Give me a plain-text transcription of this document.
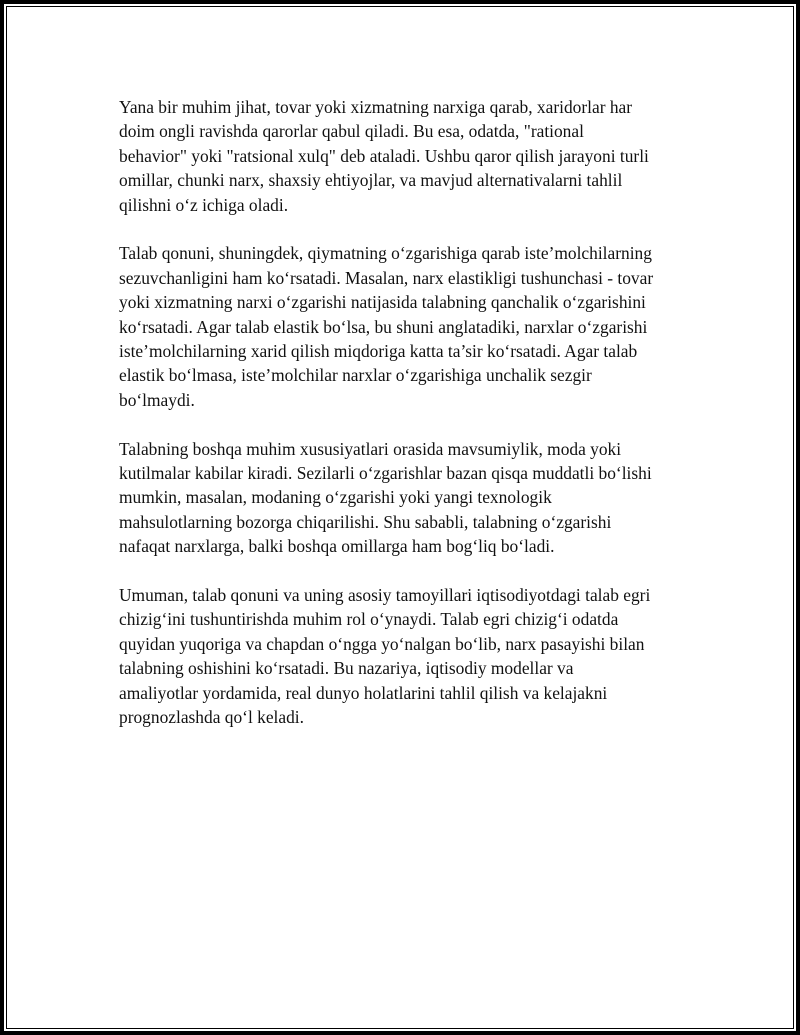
Yana bir muhim jihat, tovar yoki xizmatning narxiga qarab, xaridorlar har
doim ongli ravishda qarorlar qabul qiladi. Bu esa, odatda, "rational
behavior" yoki "ratsional xulq" deb ataladi. Ushbu qaror qilish jarayoni turli
omillar, chunki narx, shaxsiy ehtiyojlar, va mavjud alternativalarni tahlil
qilishni o‘z ichiga oladi.

Talab qonuni, shuningdek, qiymatning o‘zgarishiga qarab iste’molchilarning
sezuvchanligini ham ko‘rsatadi. Masalan, narx elastikligi tushunchasi - tovar
yoki xizmatning narxi o‘zgarishi natijasida talabning qanchalik o‘zgarishini
ko‘rsatadi. Agar talab elastik bo‘lsa, bu shuni anglatadiki, narxlar o‘zgarishi
iste’molchilarning xarid qilish miqdoriga katta ta’sir ko‘rsatadi. Agar talab
elastik bo‘lmasa, iste’molchilar narxlar o‘zgarishiga unchalik sezgir
bo‘lmaydi.

Talabning boshqa muhim xususiyatlari orasida mavsumiylik, moda yoki
kutilmalar kabilar kiradi. Sezilarli o‘zgarishlar bazan qisqa muddatli bo‘lishi
mumkin, masalan, modaning o‘zgarishi yoki yangi texnologik
mahsulotlarning bozorga chiqarilishi. Shu sababli, talabning o‘zgarishi
nafaqat narxlarga, balki boshqa omillarga ham bog‘liq bo‘ladi.

Umuman, talab qonuni va uning asosiy tamoyillari iqtisodiyotdagi talab egri
chizig‘ini tushuntirishda muhim rol o‘ynaydi. Talab egri chizig‘i odatda
quyidan yuqoriga va chapdan o‘ngga yo‘nalgan bo‘lib, narx pasayishi bilan
talabning oshishini ko‘rsatadi. Bu nazariya, iqtisodiy modellar va
amaliyotlar yordamida, real dunyo holatlarini tahlil qilish va kelajakni
prognozlashda qo‘l keladi.
